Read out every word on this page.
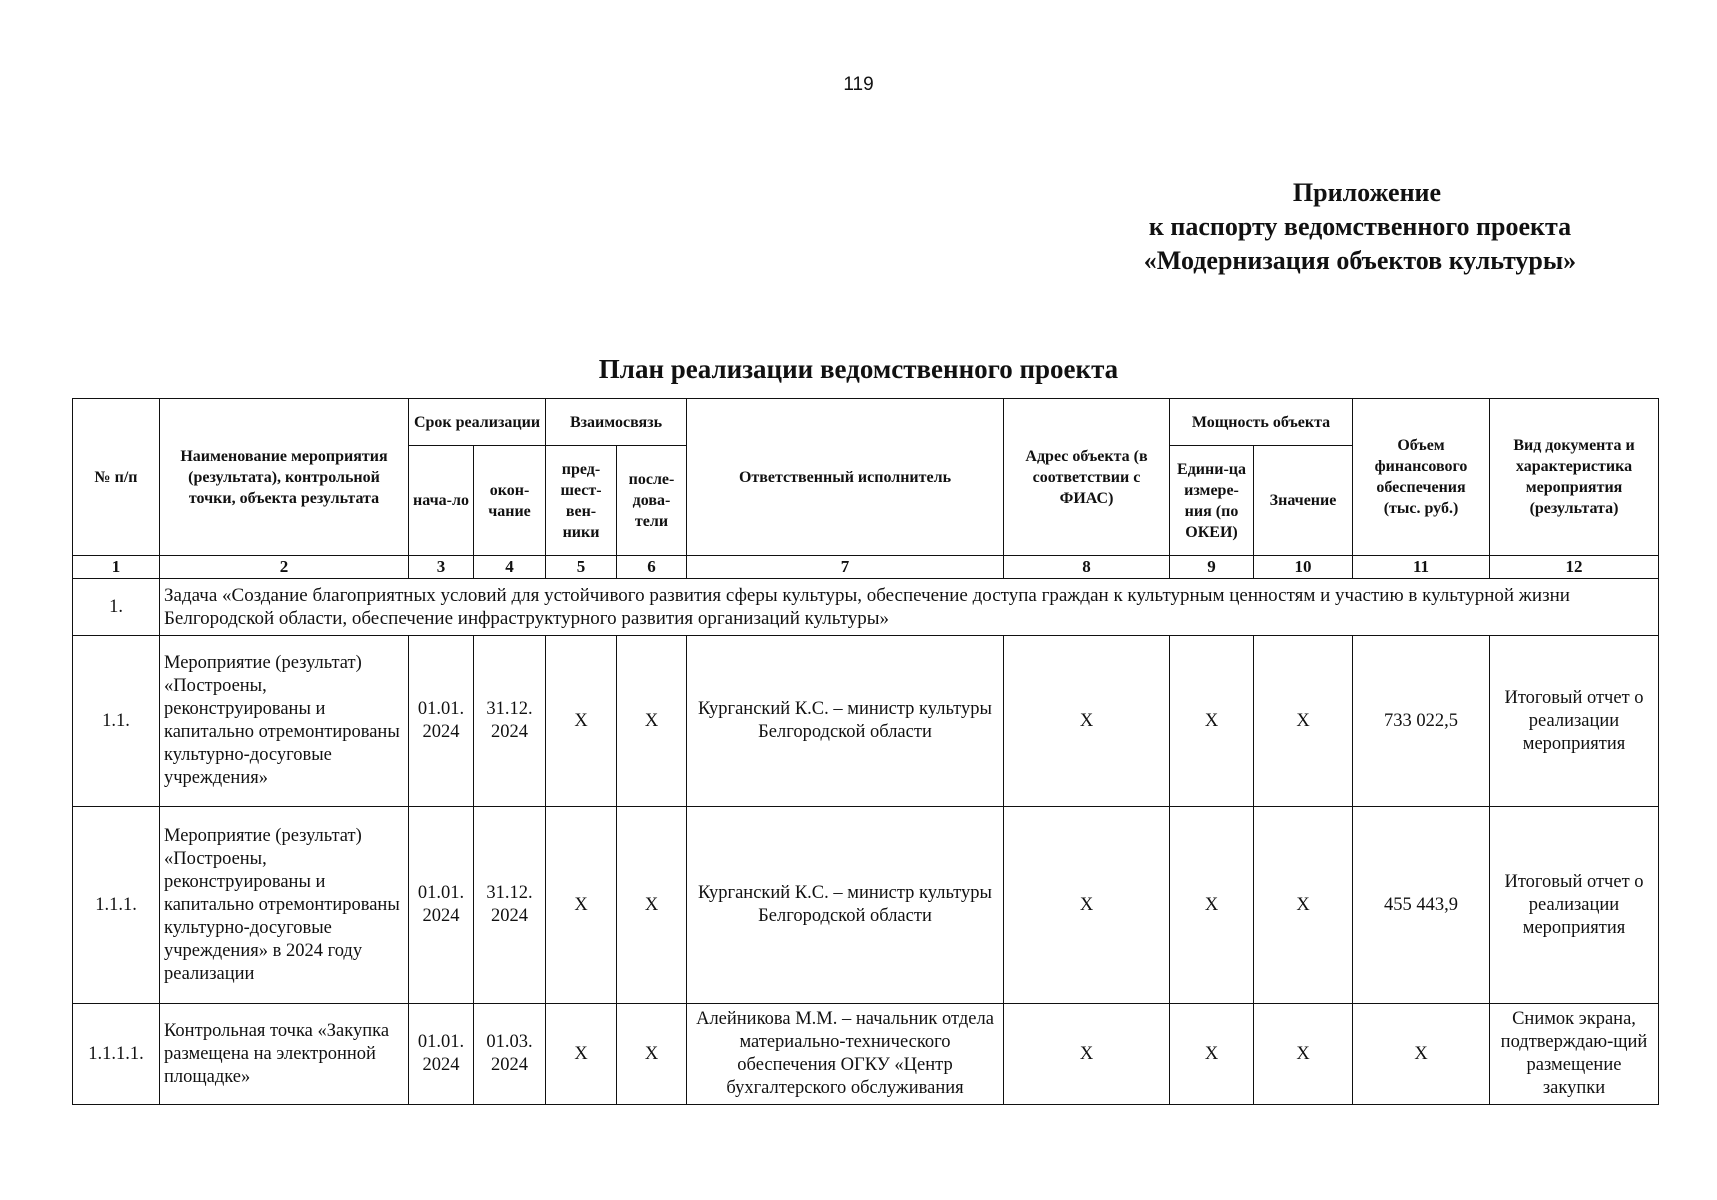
119
Приложение
к паспорту ведомственного проекта
«Модернизация объектов культуры»
План реализации ведомственного проекта
№ п/п	Наименование мероприятия (результата), контрольной точки, объекта результата	Срок реализации		Взаимосвязь		Ответственный исполнитель	Адрес объекта (в соответствии с ФИАС)	Мощность объекта		Объем финансового обеспечения (тыс. руб.)	Вид документа и характеристика мероприятия (результата)
		нача-ло	окон-чание	пред-шест-вен-ники	после-дова-тели			Едини-ца измере-ния (по ОКЕИ)	Значение		
1	2	3	4	5	6	7	8	9	10	11	12
1.	Задача «Создание благоприятных условий для устойчивого развития сферы культуры, обеспечение доступа граждан к культурным ценностям и участию в культурной жизни Белгородской области, обеспечение инфраструктурного развития организаций культуры»										
1.1.	Мероприятие (результат) «Построены, реконструированы и капитально отремонтированы культурно-досуговые учреждения»	01.01. 2024	31.12. 2024	X	X	Курганский К.С. – министр культуры Белгородской области	X	X	X	733 022,5	Итоговый отчет о реализации мероприятия
1.1.1.	Мероприятие (результат) «Построены, реконструированы и капитально отремонтированы культурно-досуговые учреждения» в 2024 году реализации	01.01. 2024	31.12. 2024	X	X	Курганский К.С. – министр культуры Белгородской области	X	X	X	455 443,9	Итоговый отчет о реализации мероприятия
1.1.1.1.	Контрольная точка «Закупка размещена на электронной площадке»	01.01. 2024	01.03. 2024	X	X	Алейникова М.М. – начальник отдела материально-технического обеспечения ОГКУ «Центр бухгалтерского обслуживания	X	X	X	X	Снимок экрана, подтверждаю-щий размещение закупки
